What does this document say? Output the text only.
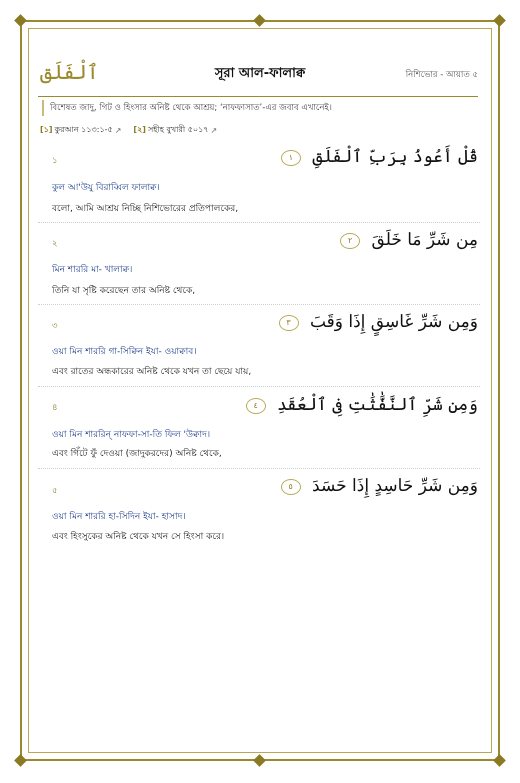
ٱلْفَلَق	সূরা আল-ফালাক্ব	নিশিভোর - আয়াত ৫
বিশেষত জাদু, গিট ও হিংসার অনিষ্ট থেকে আশ্রয়; ‘নাফফাসাত’-এর জবাব এখানেই।
[১] কুরআন ১১৩:১-৫ ↗ [২] সহীহ বুখারী ৫০১৭ ↗
১	قُلْ أَعُوذُ بِرَبِّ ٱلْفَلَقِ ١
কুল আ'উযু বিরাব্বিল ফালাক্ব।
বলো, আমি আশ্রয় নিচ্ছি নিশিভোরের প্রতিপালকের,
২	مِن شَرِّ مَا خَلَقَ ٢
মিন শাররি মা- খালাক্ব।
তিনি যা সৃষ্টি করেছেন তার অনিষ্ট থেকে,
৩	وَمِن شَرِّ غَاسِقٍ إِذَا وَقَبَ ٣
ওয়া মিন শাররি গা-সিক্বিন ইযা- ওয়াক্বাব।
এবং রাতের অন্ধকারের অনিষ্ট থেকে যখন তা ছেয়ে যায়,
৪	وَمِن شَرِّ ٱلنَّفَّٰثَٰتِ فِى ٱلْعُقَدِ ٤
ওয়া মিন শাররিন্‌ নাফফা-সা-তি ফিল 'উক্বাদ।
এবং গিঁটে ফুঁ দেওয়া (জাদুকরদের) অনিষ্ট থেকে,
৫	وَمِن شَرِّ حَاسِدٍ إِذَا حَسَدَ ٥
ওয়া মিন শাররি হা-সিদিন ইযা- হাসাদ।
এবং হিংসুকের অনিষ্ট থেকে যখন সে হিংসা করে।
